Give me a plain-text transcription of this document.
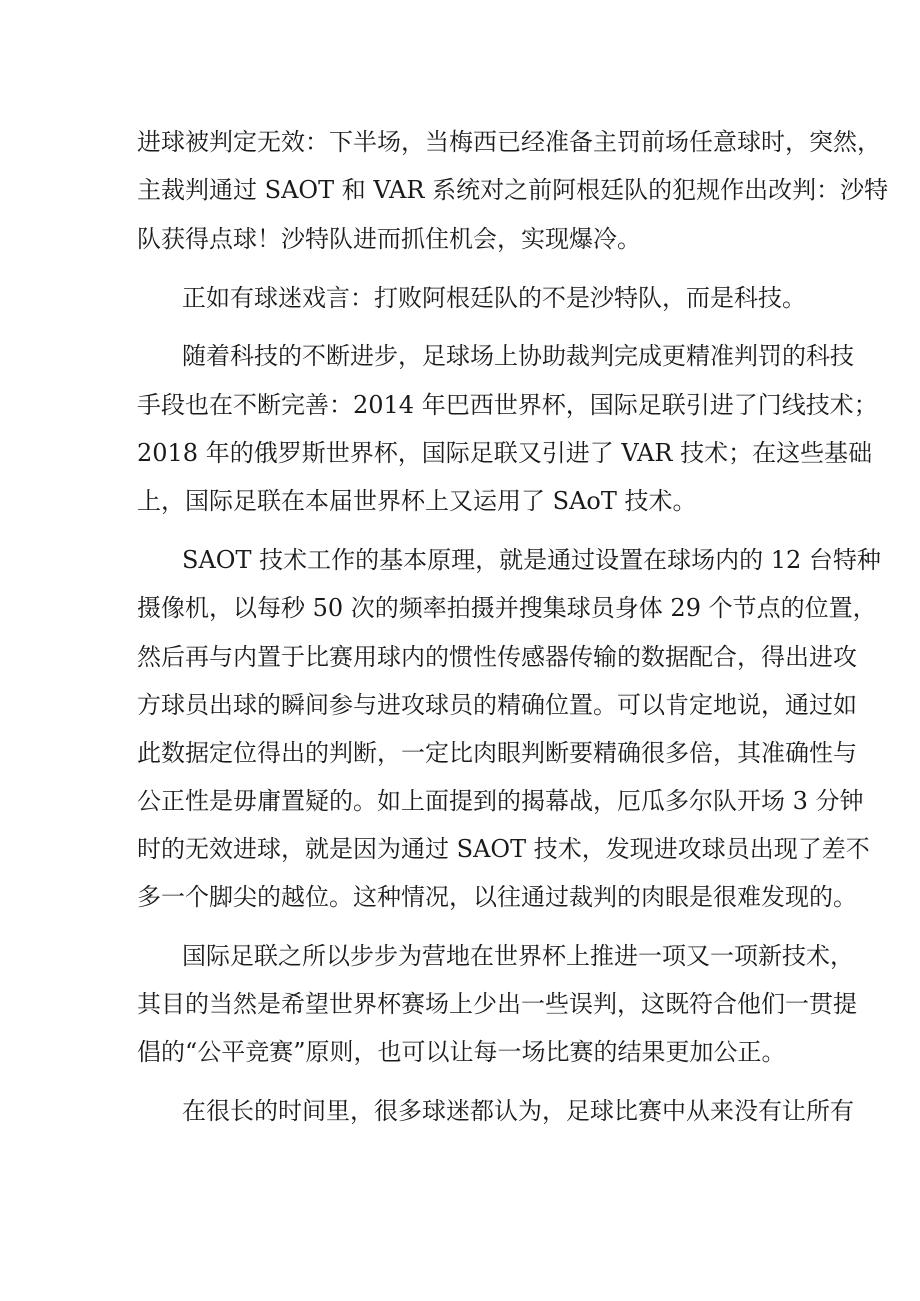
进球被判定无效：下半场，当梅西已经准备主罚前场任意球时，突然，
主裁判通过 SAOT 和 VAR 系统对之前阿根廷队的犯规作出改判：沙特
队获得点球！沙特队进而抓住机会，实现爆冷。
正如有球迷戏言：打败阿根廷队的不是沙特队，而是科技。
随着科技的不断进步，足球场上协助裁判完成更精准判罚的科技
手段也在不断完善：2014 年巴西世界杯，国际足联引进了门线技术；
2018 年的俄罗斯世界杯，国际足联又引进了 VAR 技术；在这些基础
上，国际足联在本届世界杯上又运用了 SAoT 技术。
SAOT 技术工作的基本原理，就是通过设置在球场内的 12 台特种
摄像机，以每秒 50 次的频率拍摄并搜集球员身体 29 个节点的位置，
然后再与内置于比赛用球内的惯性传感器传输的数据配合，得出进攻
方球员出球的瞬间参与进攻球员的精确位置。可以肯定地说，通过如
此数据定位得出的判断，一定比肉眼判断要精确很多倍，其准确性与
公正性是毋庸置疑的。如上面提到的揭幕战，厄瓜多尔队开场 3 分钟
时的无效进球，就是因为通过 SAOT 技术，发现进攻球员出现了差不
多一个脚尖的越位。这种情况，以往通过裁判的肉眼是很难发现的。
国际足联之所以步步为营地在世界杯上推进一项又一项新技术，
其目的当然是希望世界杯赛场上少出一些误判，这既符合他们一贯提
倡的“公平竞赛”原则，也可以让每一场比赛的结果更加公正。
在很长的时间里，很多球迷都认为，足球比赛中从来没有让所有
